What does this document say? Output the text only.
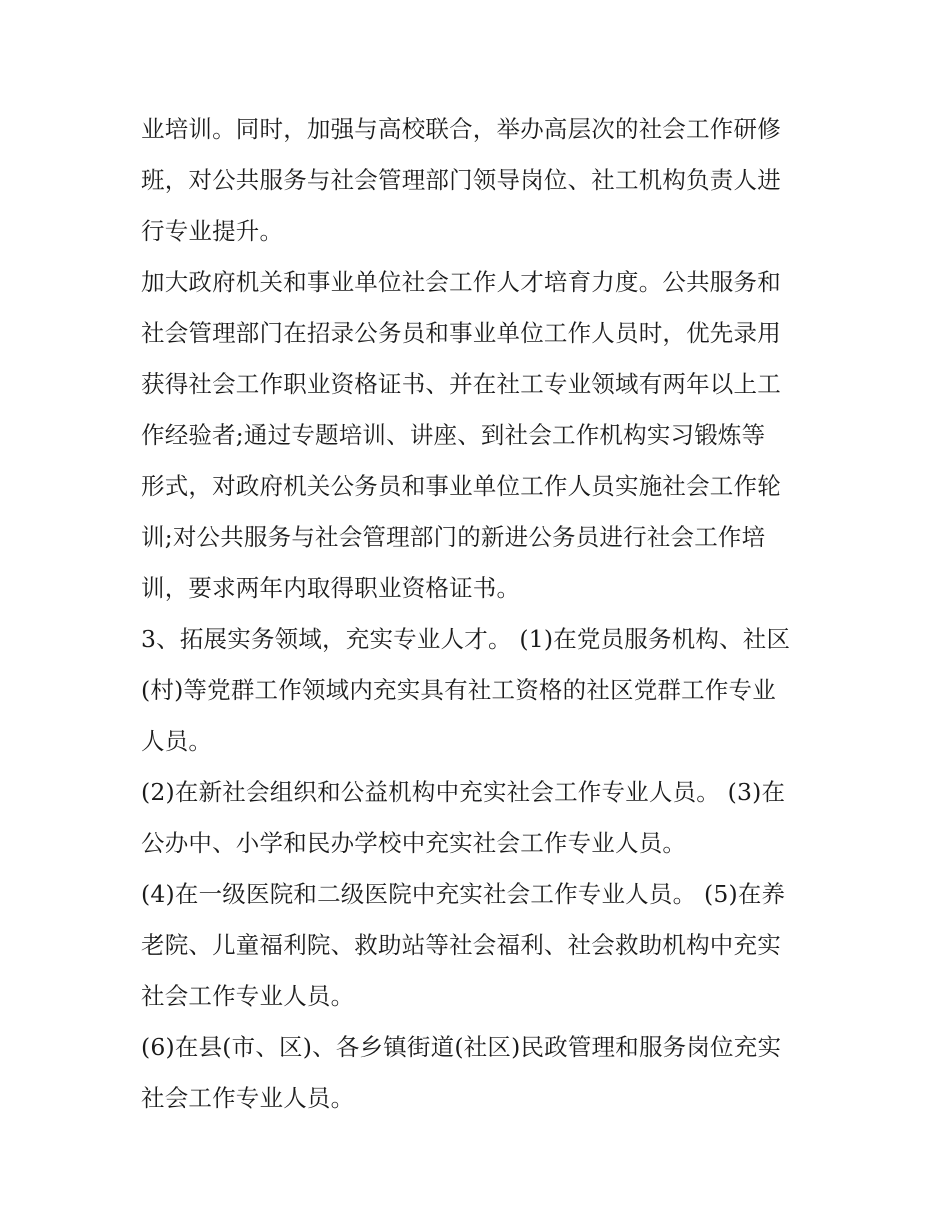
业培训。同时，加强与高校联合，举办高层次的社会工作研修
班，对公共服务与社会管理部门领导岗位、社工机构负责人进
行专业提升。
加大政府机关和事业单位社会工作人才培育力度。公共服务和
社会管理部门在招录公务员和事业单位工作人员时，优先录用
获得社会工作职业资格证书、并在社工专业领域有两年以上工
作经验者;通过专题培训、讲座、到社会工作机构实习锻炼等
形式，对政府机关公务员和事业单位工作人员实施社会工作轮
训;对公共服务与社会管理部门的新进公务员进行社会工作培
训，要求两年内取得职业资格证书。
3、拓展实务领域，充实专业人才。 (1)在党员服务机构、社区
(村)等党群工作领域内充实具有社工资格的社区党群工作专业
人员。
(2)在新社会组织和公益机构中充实社会工作专业人员。 (3)在
公办中、小学和民办学校中充实社会工作专业人员。
(4)在一级医院和二级医院中充实社会工作专业人员。 (5)在养
老院、儿童福利院、救助站等社会福利、社会救助机构中充实
社会工作专业人员。
(6)在县(市、区)、各乡镇街道(社区)民政管理和服务岗位充实
社会工作专业人员。
